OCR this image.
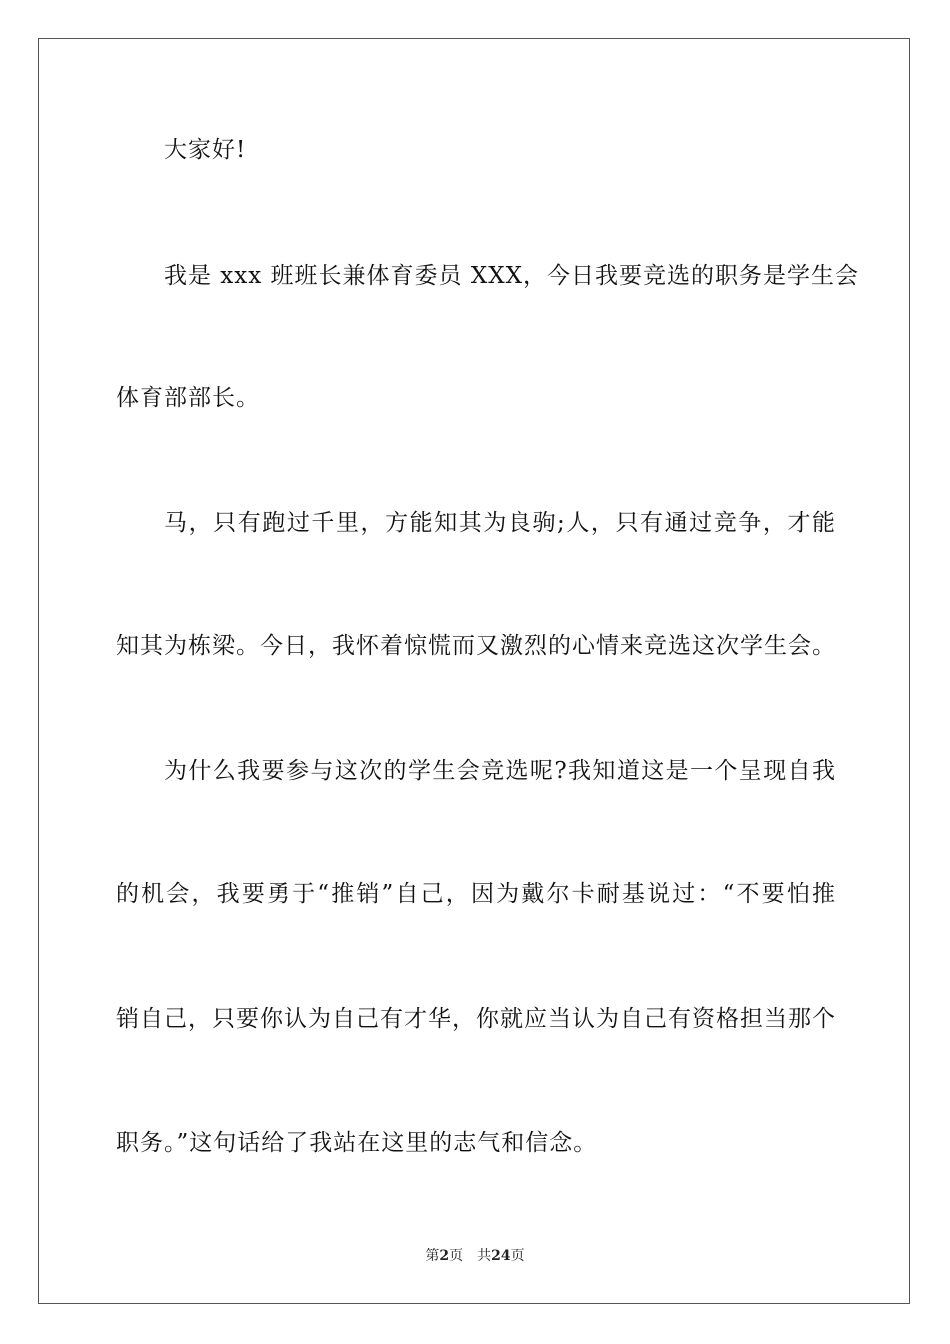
大家好!
我是 xxx 班班长兼体育委员 XXX，今日我要竞选的职务是学生会
体育部部长。
马，只有跑过千里，方能知其为良驹;人，只有通过竞争，才能
知其为栋梁。今日，我怀着惊慌而又激烈的心情来竞选这次学生会。
为什么我要参与这次的学生会竞选呢?我知道这是一个呈现自我
的机会，我要勇于“推销”自己，因为戴尔卡耐基说过：“不要怕推
销自己，只要你认为自己有才华，你就应当认为自己有资格担当那个
职务。”这句话给了我站在这里的志气和信念。
第2页 共24页
